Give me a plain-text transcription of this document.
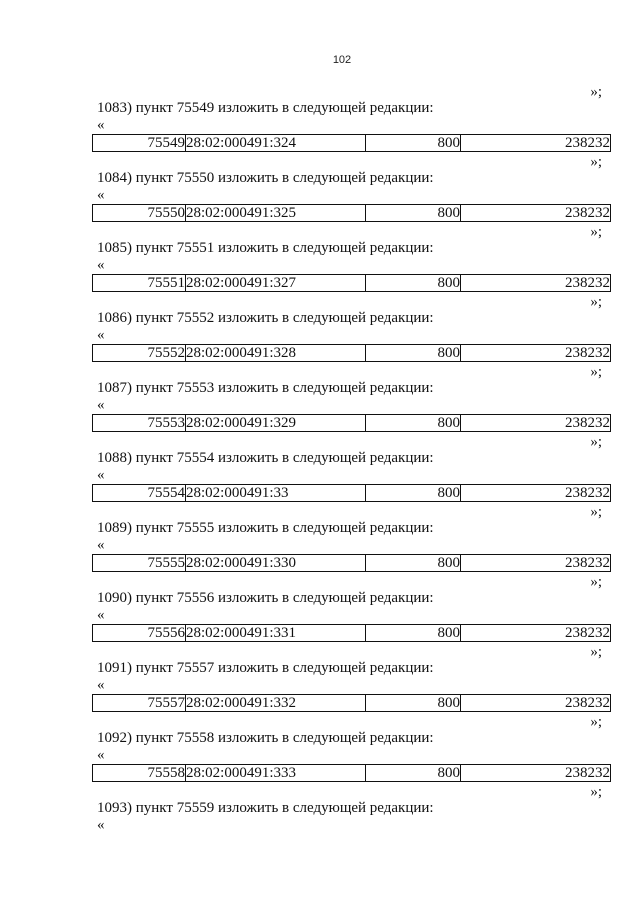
102
»;
1083) пункт 75549 изложить в следующей редакции:
«
75549	28:02:000491:324	800	238232
»;
1084) пункт 75550 изложить в следующей редакции:
«
75550	28:02:000491:325	800	238232
»;
1085) пункт 75551 изложить в следующей редакции:
«
75551	28:02:000491:327	800	238232
»;
1086) пункт 75552 изложить в следующей редакции:
«
75552	28:02:000491:328	800	238232
»;
1087) пункт 75553 изложить в следующей редакции:
«
75553	28:02:000491:329	800	238232
»;
1088) пункт 75554 изложить в следующей редакции:
«
75554	28:02:000491:33	800	238232
»;
1089) пункт 75555 изложить в следующей редакции:
«
75555	28:02:000491:330	800	238232
»;
1090) пункт 75556 изложить в следующей редакции:
«
75556	28:02:000491:331	800	238232
»;
1091) пункт 75557 изложить в следующей редакции:
«
75557	28:02:000491:332	800	238232
»;
1092) пункт 75558 изложить в следующей редакции:
«
75558	28:02:000491:333	800	238232
»;
1093) пункт 75559 изложить в следующей редакции:
«
